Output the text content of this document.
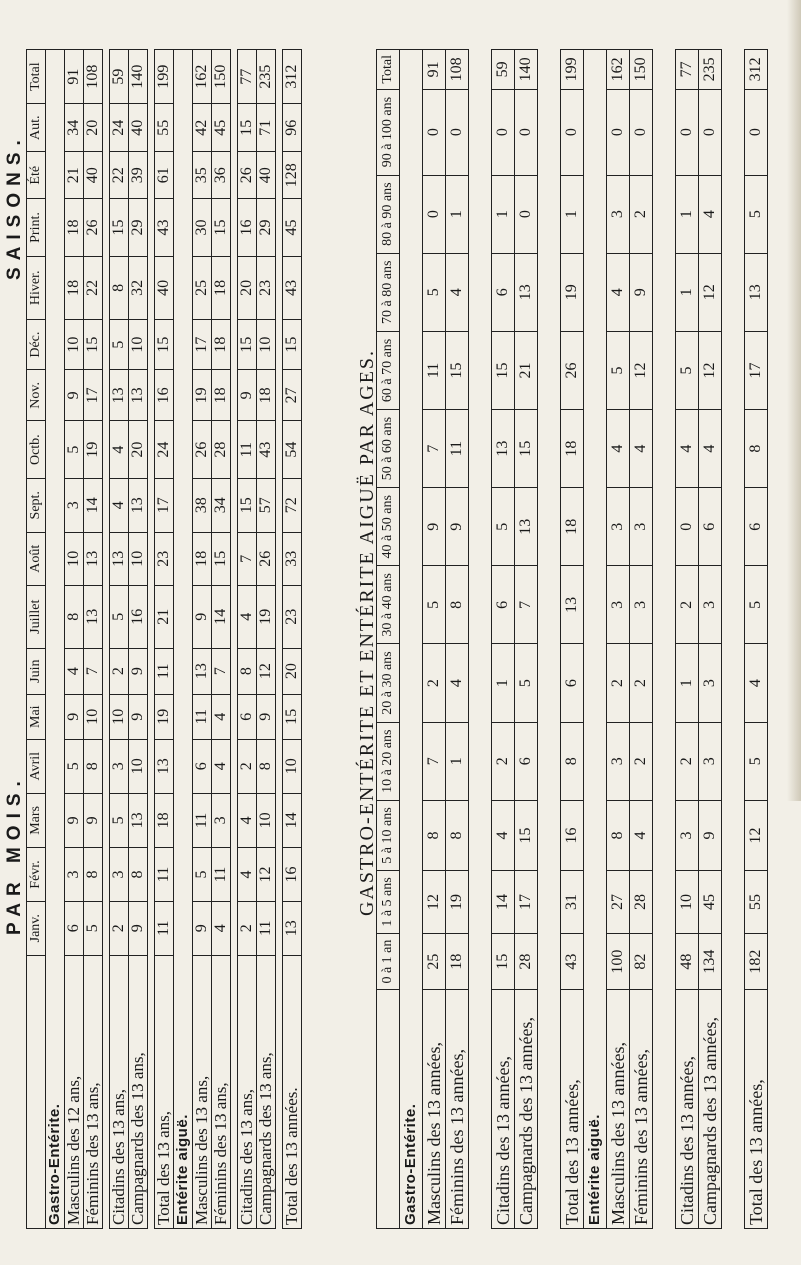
PAR MOIS.
SAISONS.
	Janv.	Févr.	Mars	Avril	Mai	Juin	Juillet	Août	Sept.	Octb.	Nov.	Déc.	Hiver.	Print.	Été	Aut.	Total
Gastro-Entérite.																	
Masculins des 12 ans,	6	3	9	5	9	4	8	10	3	5	9	10	18	18	21	34	91
Féminins des 13 ans,	5	8	9	8	10	7	13	13	14	19	17	15	22	26	40	20	108

Citadins des 13 ans,	2	3	5	3	10	2	5	13	4	4	13	5	8	15	22	24	59
Campagnards des 13 ans,	9	8	13	10	9	9	16	10	13	20	13	10	32	29	39	40	140

Total des 13 ans,	11	11	18	13	19	11	21	23	17	24	16	15	40	43	61	55	199
Entérite aiguë.																	
Masculins des 13 ans,	9	5	11	6	11	13	9	18	38	26	19	17	25	30	35	42	162
Féminins des 13 ans,	4	11	3	4	4	7	14	15	34	28	18	18	18	15	36	45	150

Citadins des 13 ans,	2	4	4	2	6	8	4	7	15	11	9	15	20	16	26	15	77
Campagnards des 13 ans,	11	12	10	8	9	12	19	26	57	43	18	10	23	29	40	71	235

Total des 13 années.	13	16	14	10	15	20	23	33	72	54	27	15	43	45	128	96	312
GASTRO-ENTÉRITE ET ENTÉRITE AIGUË PAR AGES.
	0 à 1 an	1 à 5 ans	5 à 10 ans	10 à 20 ans	20 à 30 ans	30 à 40 ans	40 à 50 ans	50 à 60 ans	60 à 70 ans	70 à 80 ans	80 à 90 ans	90 à 100 ans	Total
Gastro-Entérite.													
Masculins des 13 années,	25	12	8	7	2	5	9	7	11	5	0	0	91
Féminins des 13 années,	18	19	8	1	4	8	9	11	15	4	1	0	108

Citadins des 13 années,	15	14	4	2	1	6	5	13	15	6	1	0	59
Campagnards des 13 années,	28	17	15	6	5	7	13	15	21	13	0	0	140

Total des 13 années,	43	31	16	8	6	13	18	18	26	19	1	0	199
Entérite aiguë.													
Masculins des 13 années,	100	27	8	3	2	3	3	4	5	4	3	0	162
Féminins des 13 années,	82	28	4	2	2	3	3	4	12	9	2	0	150

Citadins des 13 années,	48	10	3	2	1	2	0	4	5	1	1	0	77
Campagnards des 13 années,	134	45	9	3	3	3	6	4	12	12	4	0	235

Total des 13 années,	182	55	12	5	4	5	6	8	17	13	5	0	312
